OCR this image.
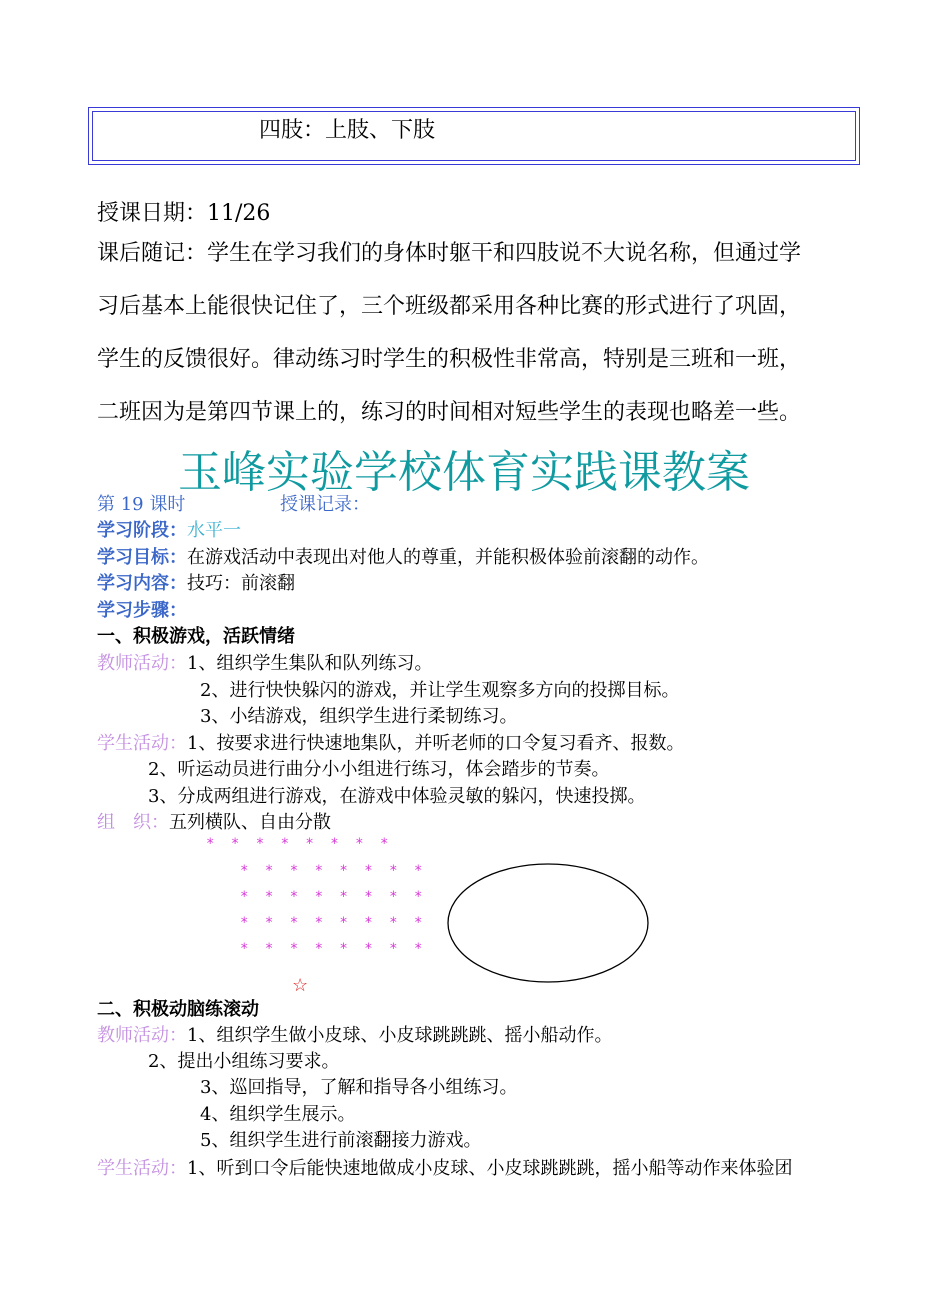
四肢：上肢、下肢
授课日期：11/26
课后随记：学生在学习我们的身体时躯干和四肢说不大说名称，但通过学
习后基本上能很快记住了，三个班级都采用各种比赛的形式进行了巩固，
学生的反馈很好。律动练习时学生的积极性非常高，特别是三班和一班，
二班因为是第四节课上的，练习的时间相对短些学生的表现也略差一些。
玉峰实验学校体育实践课教案
第 19 课时	授课记录：
学习阶段：水平一
学习目标：在游戏活动中表现出对他人的尊重，并能积极体验前滚翻的动作。
学习内容：技巧：前滚翻
学习步骤：
一、积极游戏，活跃情绪
教师活动：1、组织学生集队和队列练习。
2、进行快快躲闪的游戏，并让学生观察多方向的投掷目标。
3、小结游戏，组织学生进行柔韧练习。
学生活动：1、按要求进行快速地集队，并听老师的口令复习看齐、报数。
2、听运动员进行曲分小小组进行练习，体会踏步的节奏。
3、分成两组进行游戏，在游戏中体验灵敏的躲闪，快速投掷。
组　织：五列横队、自由分散
* * * * * * * *
* * * * * * * *
* * * * * * * *
* * * * * * * *
* * * * * * * *
☆
二、积极动脑练滚动
教师活动：1、组织学生做小皮球、小皮球跳跳跳、摇小船动作。
2、提出小组练习要求。
3、巡回指导，了解和指导各小组练习。
4、组织学生展示。
5、组织学生进行前滚翻接力游戏。
学生活动：1、听到口令后能快速地做成小皮球、小皮球跳跳跳，摇小船等动作来体验团
